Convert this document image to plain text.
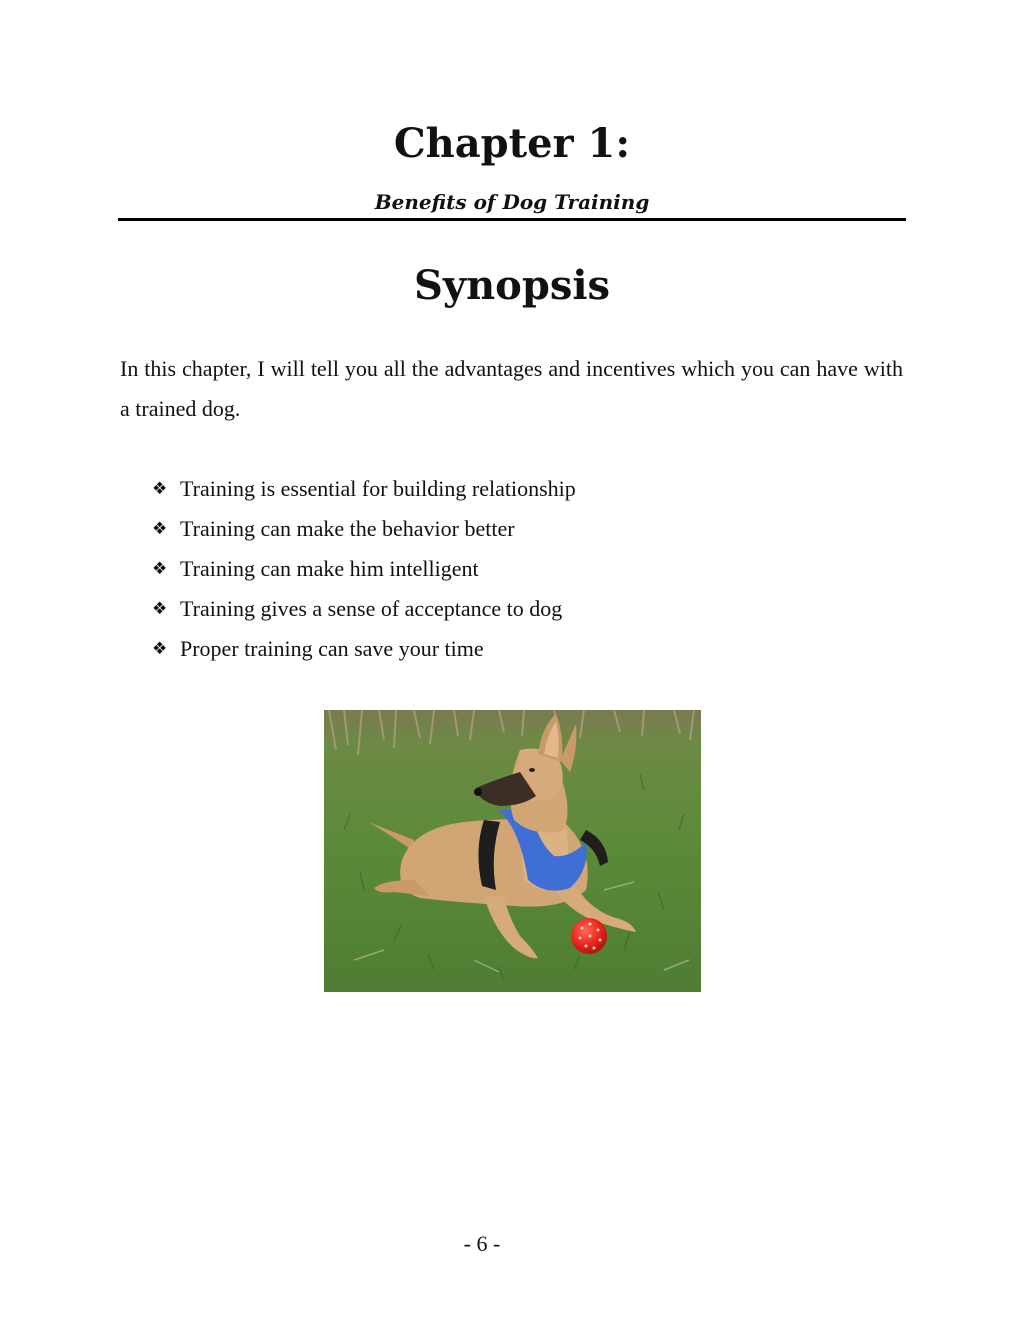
Chapter 1:

Benefits of Dog Training

Synopsis

In this chapter, I will tell you all the advantages and incentives which you can have with a trained dog.

❖ Training is essential for building relationship
❖ Training can make the behavior better
❖ Training can make him intelligent
❖ Training gives a sense of acceptance to dog
❖ Proper training can save your time

- 6 -
